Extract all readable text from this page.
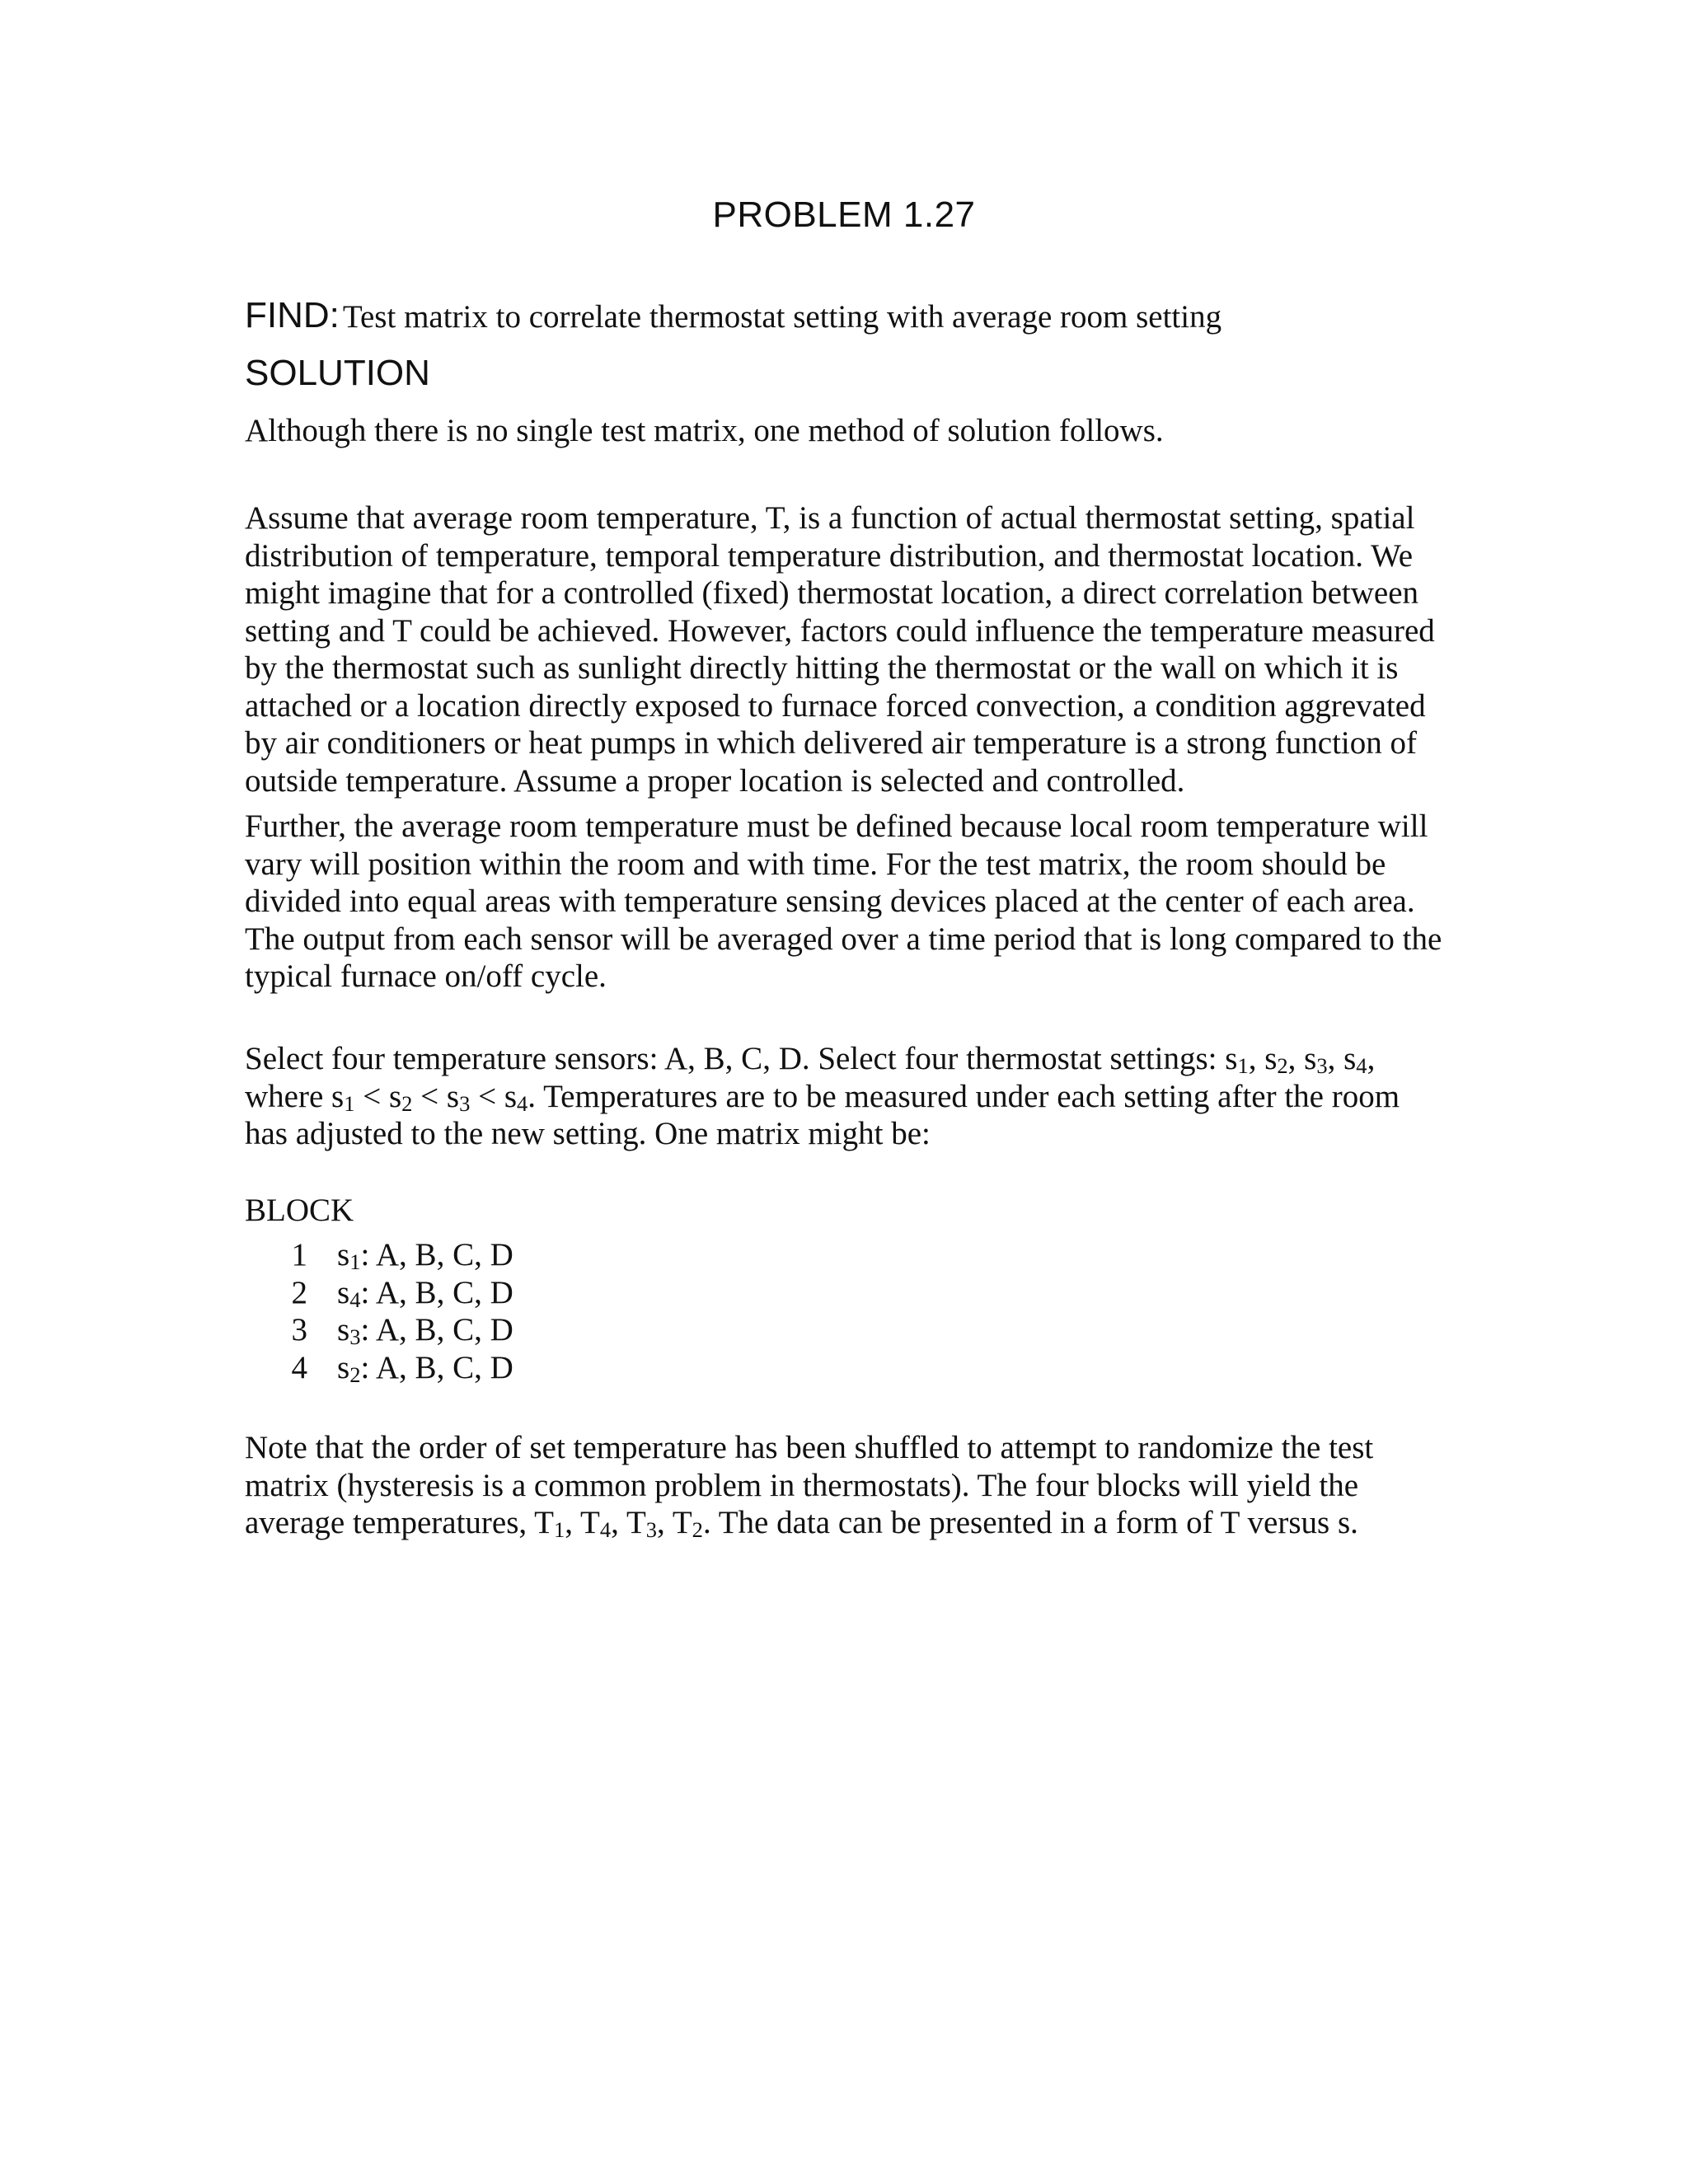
PROBLEM 1.27

FIND: Test matrix to correlate thermostat setting with average room setting

SOLUTION

Although there is no single test matrix, one method of solution follows.

Assume that average room temperature, T, is a function of actual thermostat setting, spatial
distribution of temperature, temporal temperature distribution, and thermostat location. We
might imagine that for a controlled (fixed) thermostat location, a direct correlation between
setting and T could be achieved. However, factors could influence the temperature measured
by the thermostat such as sunlight directly hitting the thermostat or the wall on which it is
attached or a location directly exposed to furnace forced convection, a condition aggrevated
by air conditioners or heat pumps in which delivered air temperature is a strong function of
outside temperature. Assume a proper location is selected and controlled.

Further, the average room temperature must be defined because local room temperature will
vary will position within the room and with time. For the test matrix, the room should be
divided into equal areas with temperature sensing devices placed at the center of each area.
The output from each sensor will be averaged over a time period that is long compared to the
typical furnace on/off cycle.

Select four temperature sensors: A, B, C, D. Select four thermostat settings: $s_1$, $s_2$, $s_3$, $s_4$,
where $s_1 < s_2 < s_3 < s_4$. Temperatures are to be measured under each setting after the room
has adjusted to the new setting. One matrix might be:

BLOCK

1 $s_1$: A, B, C, D
2 $s_4$: A, B, C, D
3 $s_3$: A, B, C, D
4 $s_2$: A, B, C, D

Note that the order of set temperature has been shuffled to attempt to randomize the test
matrix (hysteresis is a common problem in thermostats). The four blocks will yield the
average temperatures, $T_1$, $T_4$, $T_3$, $T_2$. The data can be presented in a form of T versus s.
